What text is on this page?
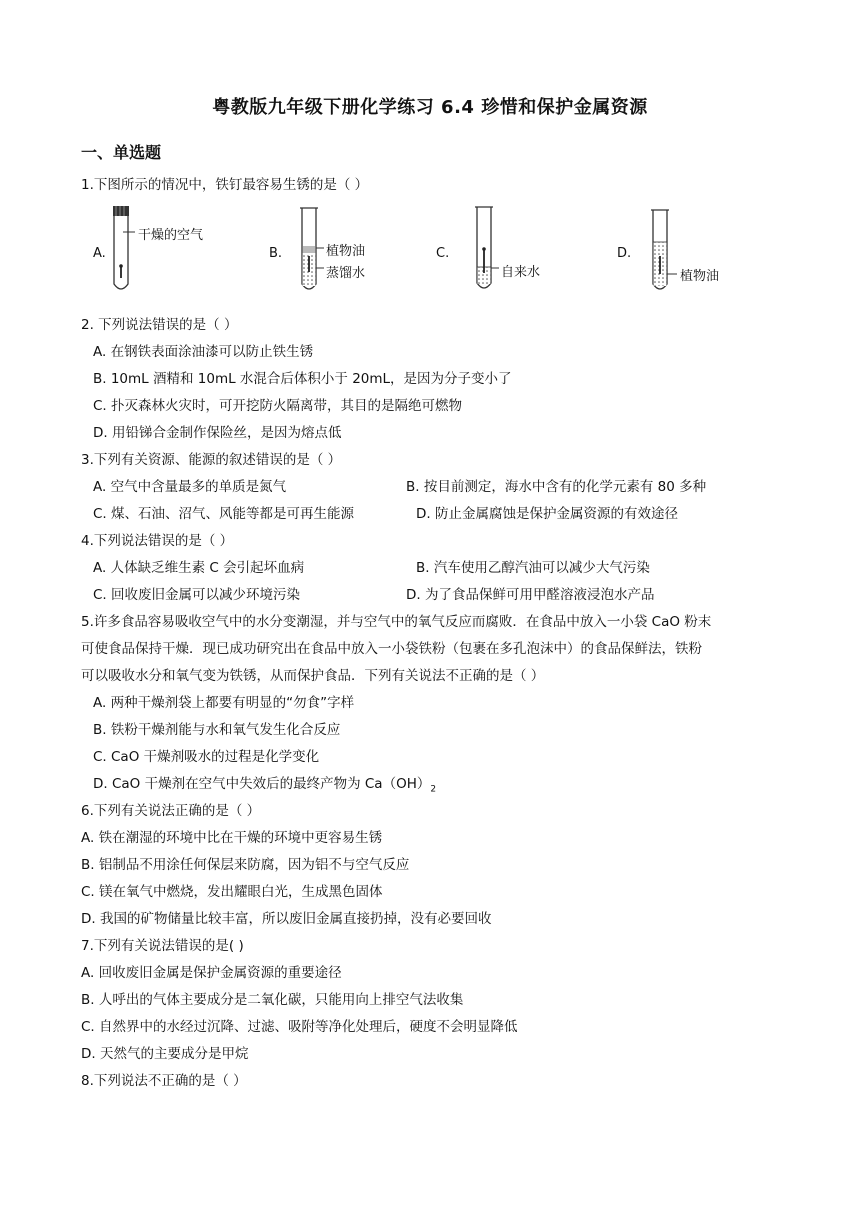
粤教版九年级下册化学练习 6.4 珍惜和保护金属资源
一、单选题
1.下图所示的情况中，铁钉最容易生锈的是（ ）
A.
干燥的空气
B.	植物油
蒸馏水
C.
自来水
D.
植物油
2. 下列说法错误的是（ ）
A. 在钢铁表面涂油漆可以防止铁生锈
B. 10mL 酒精和 10mL 水混合后体积小于 20mL，是因为分子变小了
C. 扑灭森林火灾时，可开挖防火隔离带，其目的是隔绝可燃物
D. 用铅锑合金制作保险丝，是因为熔点低
3.下列有关资源、能源的叙述错误的是（ ）
A. 空气中含量最多的单质是氮气	B. 按目前测定，海水中含有的化学元素有 80 多种
C. 煤、石油、沼气、风能等都是可再生能源	D. 防止金属腐蚀是保护金属资源的有效途径
4.下列说法错误的是（ ）
A. 人体缺乏维生素 C 会引起坏血病	B. 汽车使用乙醇汽油可以减少大气污染
C. 回收废旧金属可以减少环境污染	D. 为了食品保鲜可用甲醛溶液浸泡水产品
5.许多食品容易吸收空气中的水分变潮湿，并与空气中的氧气反应而腐败．在食品中放入一小袋 CaO 粉末
可使食品保持干燥．现已成功研究出在食品中放入一小袋铁粉（包裹在多孔泡沫中）的食品保鲜法，铁粉
可以吸收水分和氧气变为铁锈，从而保护食品．下列有关说法不正确的是（ ）
A. 两种干燥剂袋上都要有明显的“勿食”字样
B. 铁粉干燥剂能与水和氧气发生化合反应
C. CaO 干燥剂吸水的过程是化学变化
D. CaO 干燥剂在空气中失效后的最终产物为 $Ca(OH)_2$
6.下列有关说法正确的是（ ）
A. 铁在潮湿的环境中比在干燥的环境中更容易生锈
B. 铝制品不用涂任何保层来防腐，因为铝不与空气反应
C. 镁在氧气中燃烧，发出耀眼白光，生成黑色固体
D. 我国的矿物储量比较丰富，所以废旧金属直接扔掉，没有必要回收
7.下列有关说法错误的是( )
A. 回收废旧金属是保护金属资源的重要途径
B. 人呼出的气体主要成分是二氧化碳，只能用向上排空气法收集
C. 自然界中的水经过沉降、过滤、吸附等净化处理后，硬度不会明显降低
D. 天然气的主要成分是甲烷
8.下列说法不正确的是（ ）
